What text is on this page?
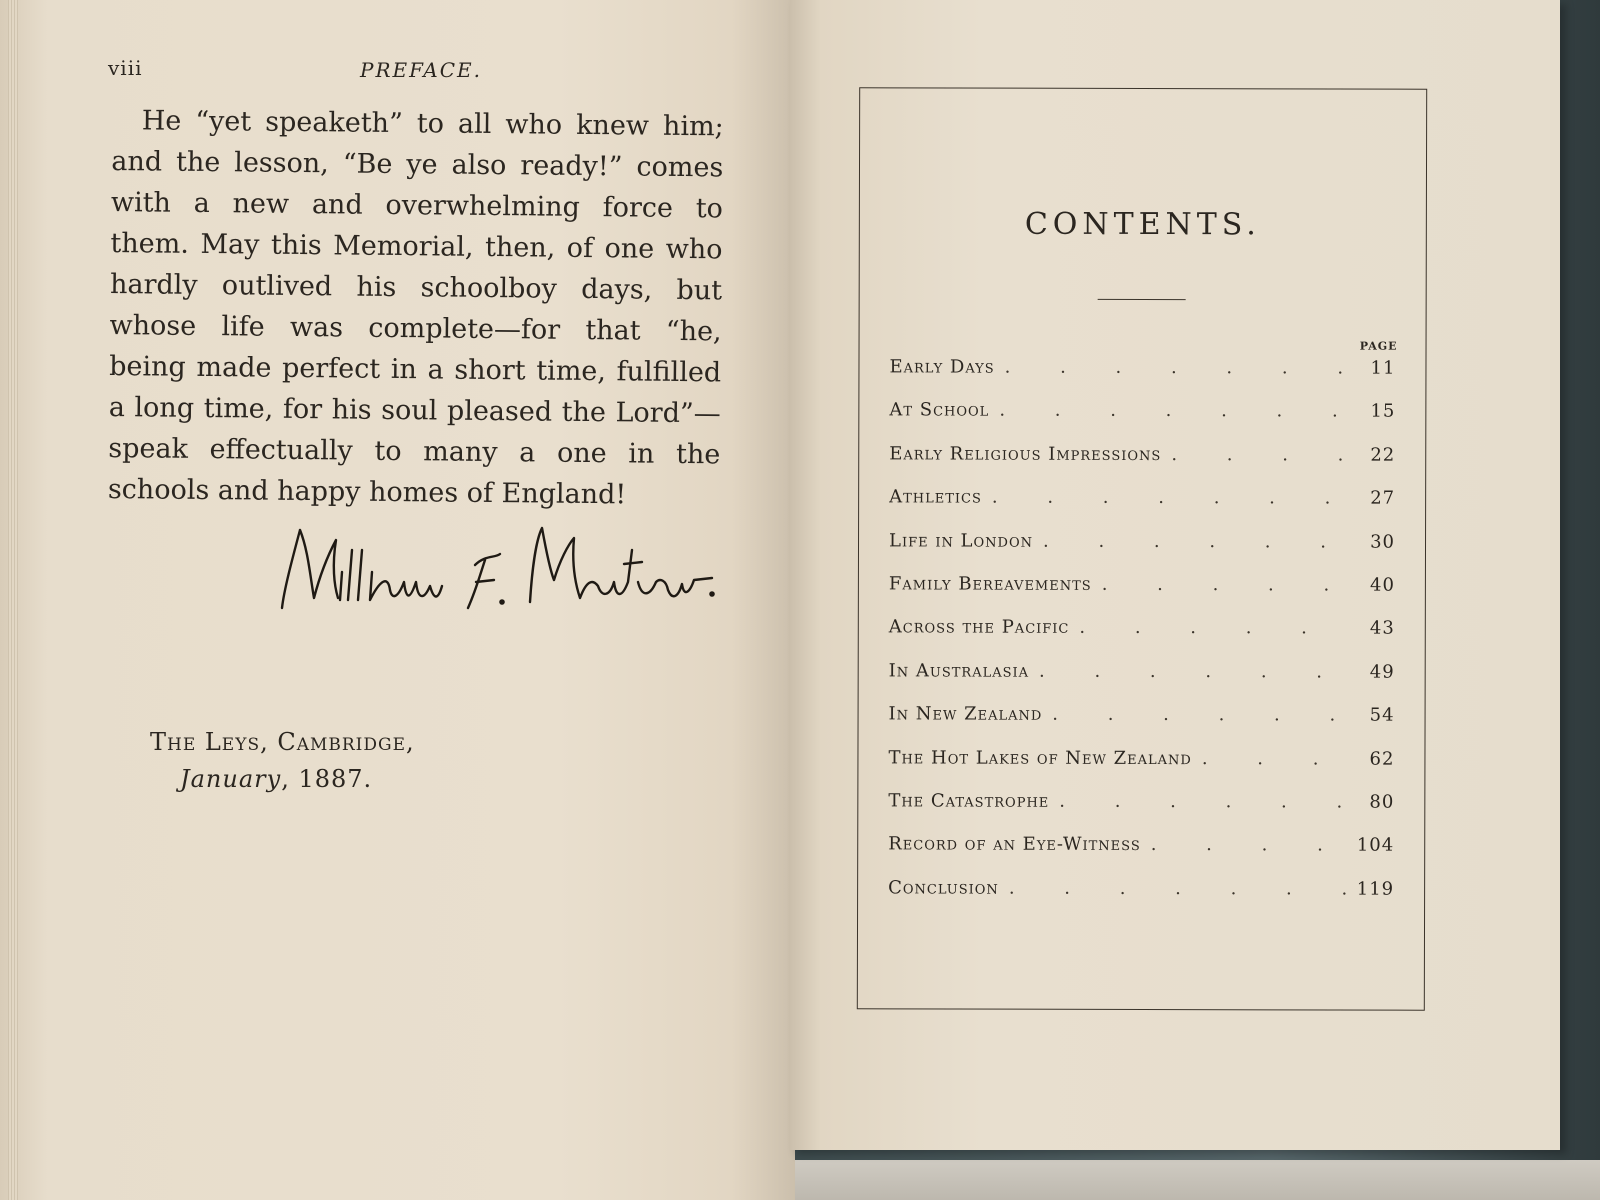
viii	PREFACE.

He “yet speaketh” to all who knew him; and the lesson, “Be ye also ready!” comes with a new and overwhelming force to them. May this Memorial, then, of one who hardly outlived his schoolboy days, but whose life was complete—for that “he, being made perfect in a short time, fulfilled a long time, for his soul pleased the Lord”—speak effectually to many a one in the schools and happy homes of England!

The Leys, Cambridge,
January, 1887.
CONTENTS.
PAGE
Early Days . . .	11
At School . . .	15
Early Religious Impressions . . .	22
Athletics . . .	27
Life in London . . .	30
Family Bereavements . . .	40
Across the Pacific . . .	43
In Australasia . . .	49
In New Zealand . . .	54
The Hot Lakes of New Zealand . . .	62
The Catastrophe . . .	80
Record of an Eye-Witness . . .	104
Conclusion . . .	119
